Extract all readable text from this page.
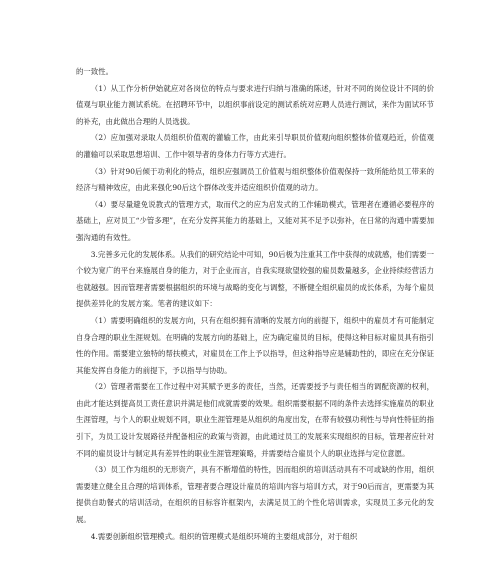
的一致性。

（1）从工作分析伊始就应对各岗位的特点与要求进行归纳与准确的陈述，针对不同的岗位设计不同的价值观与职业能力测试系统。在招聘环节中，以组织事前设定的测试系统对应聘人员进行测试，来作为面试环节的补充，由此做出合理的人员选拔。

（2）应加强对录取人员组织价值观的灌输工作，由此来引导职员价值观向组织整体价值观趋近，价值观的灌输可以采取思想培训、工作中领导者的身体力行等方式进行。

（3）针对90后倾于功利化的特点，组织应强调员工价值观与组织整体价值观保持一致所能给员工带来的经济与精神效应，由此来强化90后这个群体改变并适应组织价值观的动力。

（4）要尽量避免说教式的管理方式，取而代之的应为启发式的工作辅助模式，管理者在遵循必要程序的基础上，应对员工“少管多理”，在充分发挥其能力的基础上，又能对其不足予以弥补，在日常的沟通中需要加强沟通的有效性。

3.完善多元化的发展体系。从我们的研究结论中可知，90后极为注重其工作中获得的成就感，他们需要一个较为宽广的平台来施展自身的能力，对于企业而言，自我实现欲望较强的雇员数量越多，企业持续经营活力也就越强。因而管理者需要根据组织的环境与战略的变化与调整，不断健全组织雇员的成长体系，为每个雇员提供差异化的发展方案。笔者的建议如下：

（1）需要明确组织的发展方向，只有在组织拥有清晰的发展方向的前提下，组织中的雇员才有可能制定自身合理的职业生涯规划。在明确的发展方向的基础上，应为确定雇员的目标，使得这种目标对雇员具有指引性的作用。需要建立独特的帮扶模式，对雇员在工作上予以指导，但这种指导应是辅助性的，即应在充分保证其能发挥自身能力的前提下，予以指导与协助。

（2）管理者需要在工作过程中对其赋予更多的责任，当然，还需要授予与责任相当的调配资源的权利，由此才能达到提高员工责任意识并满足他们成就需要的效果。组织需要根据不同的条件去选择实施雇员的职业生涯管理，与个人的职业规划不同，职业生涯管理是从组织的角度出发，在带有较强功利性与导向性特征的指引下，为员工设计发展路径并配备相应的政策与资源，由此通过员工的发展来实现组织的目标，管理者应针对不同的雇员设计与制定具有差异性的职业生涯管理策略，并需要结合雇员个人的职业选择与定位意愿。

（3）员工作为组织的无形资产，具有不断增值的特性，因而组织的培训活动具有不可或缺的作用，组织需要建立健全且合理的培训体系，管理者要合理设计雇员的培训内容与培训方式，对于90后而言，更需要为其提供自助餐式的培训活动，在组织的目标容许框架内，去满足员工的个性化培训需求，实现员工多元化的发展。

4.需要创新组织管理模式。组织的管理模式是组织环境的主要组成部分，对于组织
